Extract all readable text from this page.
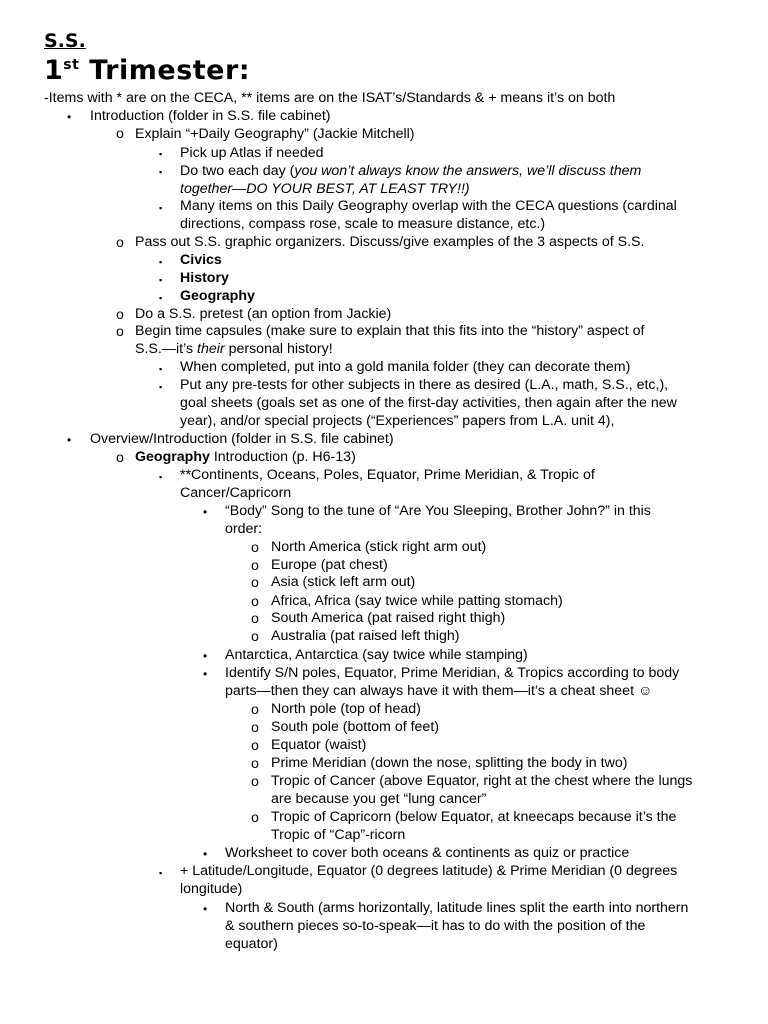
S.S.
1st Trimester:
-Items with * are on the CECA, ** items are on the ISAT’s/Standards & + means it’s on both
• Introduction (folder in S.S. file cabinet)
o Explain “+Daily Geography” (Jackie Mitchell)
▪ Pick up Atlas if needed
▪ Do two each day (you won’t always know the answers, we’ll discuss them
together—DO YOUR BEST, AT LEAST TRY!!)
▪ Many items on this Daily Geography overlap with the CECA questions (cardinal
directions, compass rose, scale to measure distance, etc.)
o Pass out S.S. graphic organizers. Discuss/give examples of the 3 aspects of S.S.
▪ Civics
▪ History
▪ Geography
o Do a S.S. pretest (an option from Jackie)
o Begin time capsules (make sure to explain that this fits into the “history” aspect of
S.S.—it’s their personal history!
▪ When completed, put into a gold manila folder (they can decorate them)
▪ Put any pre-tests for other subjects in there as desired (L.A., math, S.S., etc,),
goal sheets (goals set as one of the first-day activities, then again after the new
year), and/or special projects (“Experiences” papers from L.A. unit 4),
• Overview/Introduction (folder in S.S. file cabinet)
o Geography Introduction (p. H6-13)
▪ **Continents, Oceans, Poles, Equator, Prime Meridian, & Tropic of
Cancer/Capricorn
• “Body” Song to the tune of “Are You Sleeping, Brother John?” in this
order:
o North America (stick right arm out)
o Europe (pat chest)
o Asia (stick left arm out)
o Africa, Africa (say twice while patting stomach)
o South America (pat raised right thigh)
o Australia (pat raised left thigh)
• Antarctica, Antarctica (say twice while stamping)
• Identify S/N poles, Equator, Prime Meridian, & Tropics according to body
parts—then they can always have it with them—it’s a cheat sheet ☺
o North pole (top of head)
o South pole (bottom of feet)
o Equator (waist)
o Prime Meridian (down the nose, splitting the body in two)
o Tropic of Cancer (above Equator, right at the chest where the lungs
are because you get “lung cancer”
o Tropic of Capricorn (below Equator, at kneecaps because it’s the
Tropic of “Cap”-ricorn
• Worksheet to cover both oceans & continents as quiz or practice
▪ + Latitude/Longitude, Equator (0 degrees latitude) & Prime Meridian (0 degrees
longitude)
• North & South (arms horizontally, latitude lines split the earth into northern
& southern pieces so-to-speak—it has to do with the position of the
equator)
